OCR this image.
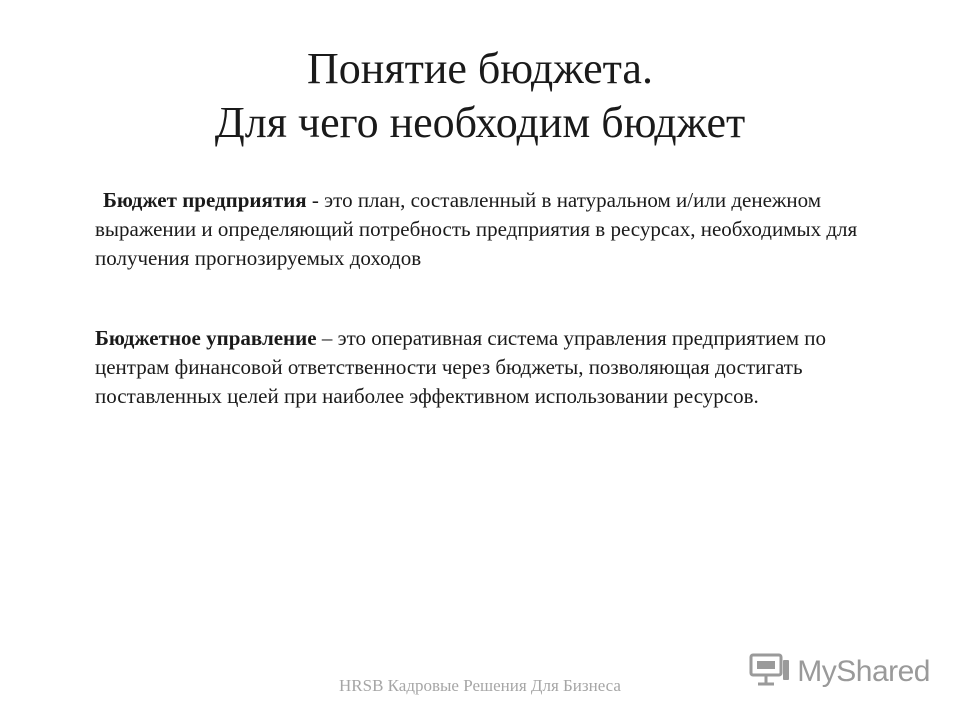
Понятие бюджета.
Для чего необходим бюджет
Бюджет предприятия - это план, составленный в натуральном и/или денежном выражении и определяющий потребность предприятия в ресурсах, необходимых для получения прогнозируемых доходов
Бюджетное управление – это оперативная система управления предприятием по центрам финансовой ответственности через бюджеты, позволяющая достигать поставленных целей при наиболее эффективном использовании ресурсов.
HRSB Кадровые Решения Для Бизнеса	MyShared
